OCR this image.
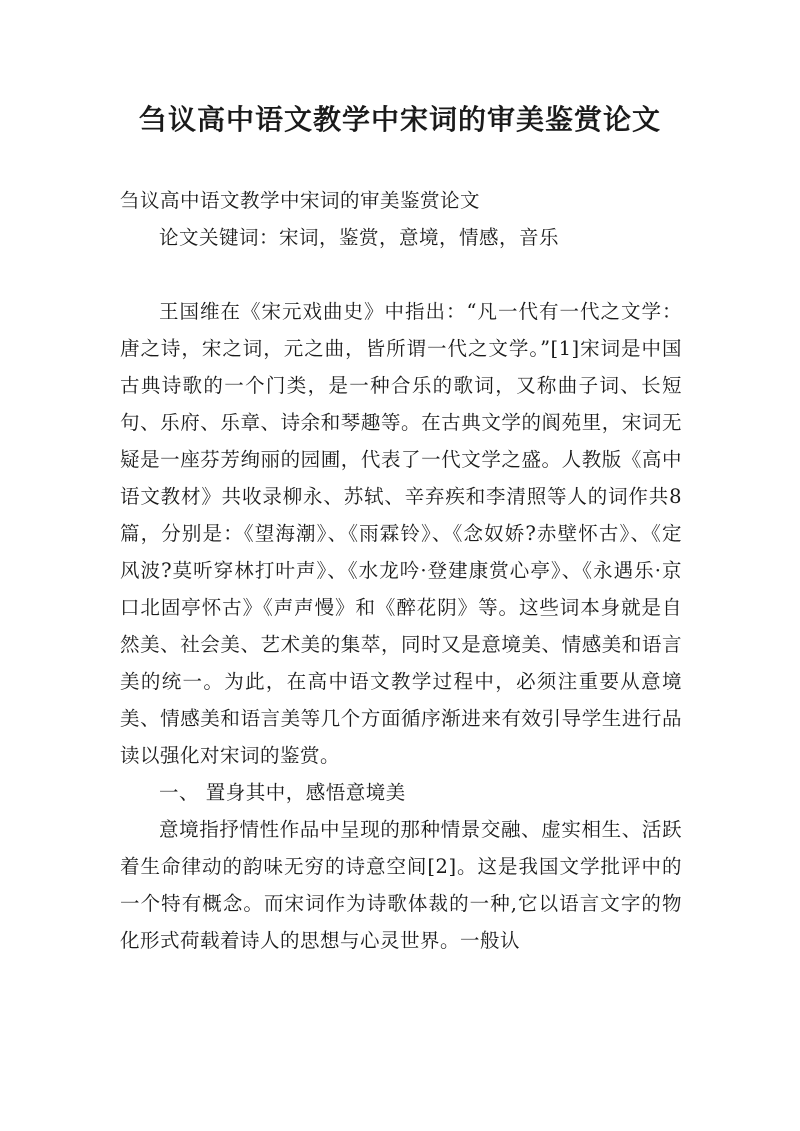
刍议高中语文教学中宋词的审美鉴赏论文

刍议高中语文教学中宋词的审美鉴赏论文

论文关键词：宋词，鉴赏，意境，情感，音乐

王国维在《宋元戏曲史》中指出：“凡一代有一代之文学：唐之诗，宋之词，元之曲，皆所谓一代之文学。”[1]宋词是中国古典诗歌的一个门类，是一种合乐的歌词，又称曲子词、长短句、乐府、乐章、诗余和琴趣等。在古典文学的阆苑里，宋词无疑是一座芬芳绚丽的园圃，代表了一代文学之盛。人教版《高中语文教材》共收录柳永、苏轼、辛弃疾和李清照等人的词作共8篇，分别是：《望海潮》、《雨霖铃》、《念奴娇?赤壁怀古》、《定风波?莫听穿林打叶声》、《水龙吟·登建康赏心亭》、《永遇乐·京口北固亭怀古》《声声慢》和《醉花阴》等。这些词本身就是自然美、社会美、艺术美的集萃，同时又是意境美、情感美和语言美的统一。为此，在高中语文教学过程中，必须注重要从意境美、情感美和语言美等几个方面循序渐进来有效引导学生进行品读以强化对宋词的鉴赏。

一、 置身其中，感悟意境美

意境指抒情性作品中呈现的那种情景交融、虚实相生、活跃着生命律动的韵味无穷的诗意空间[2]。这是我国文学批评中的一个特有概念。而宋词作为诗歌体裁的一种,它以语言文字的物化形式荷载着诗人的思想与心灵世界。一般认
